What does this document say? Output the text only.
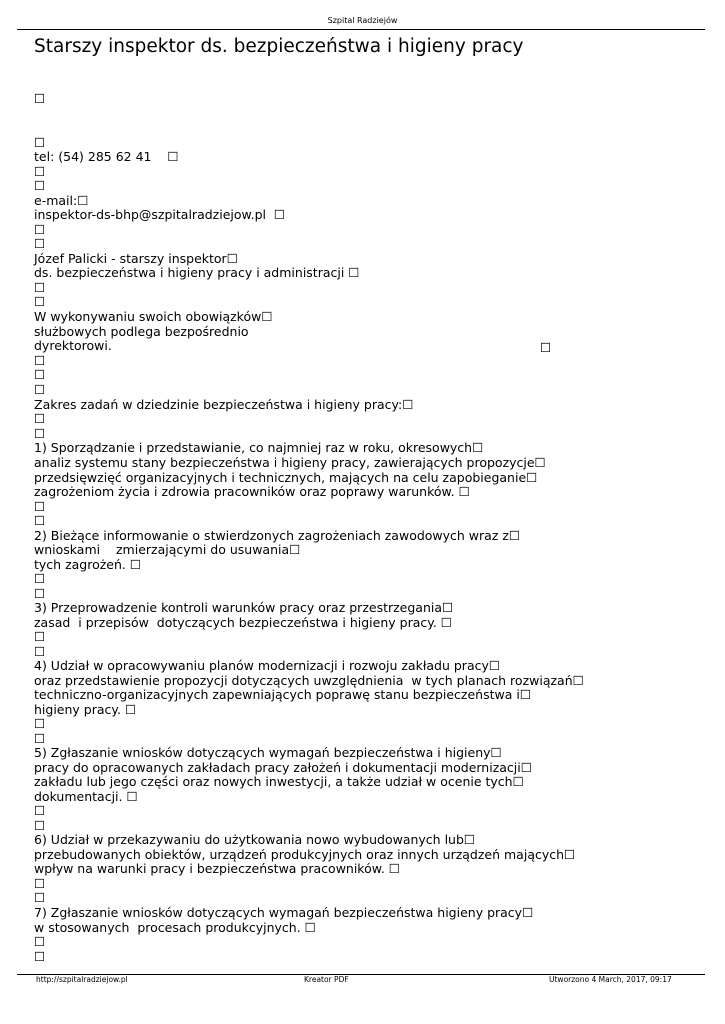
Szpital Radziejów
Starszy inspektor ds. bezpieczeństwa i higieny pracy
☐
☐
tel: (54) 285 62 41    ☐
☐
☐
e-mail:☐
inspektor-ds-bhp@szpitalradziejow.pl  ☐
☐
☐
Józef Palicki - starszy inspektor☐
ds. bezpieczeństwa i higieny pracy i administracji ☐
☐
☐
W wykonywaniu swoich obowiązków☐
służbowych podlega bezpośrednio
dyrektorowi.
☐
☐
☐
Zakres zadań w dziedzinie bezpieczeństwa i higieny pracy:☐
☐
☐
1) Sporządzanie i przedstawianie, co najmniej raz w roku, okresowych☐
analiz systemu stany bezpieczeństwa i higieny pracy, zawierających propozycje☐
przedsięwzięć organizacyjnych i technicznych, mających na celu zapobieganie☐
zagrożeniom życia i zdrowia pracowników oraz poprawy warunków. ☐
☐
☐
2) Bieżące informowanie o stwierdzonych zagrożeniach zawodowych wraz z☐
wnioskami    zmierzającymi do usuwania☐
tych zagrożeń. ☐
☐
☐
3) Przeprowadzenie kontroli warunków pracy oraz przestrzegania☐
zasad  i przepisów  dotyczących bezpieczeństwa i higieny pracy. ☐
☐
☐
4) Udział w opracowywaniu planów modernizacji i rozwoju zakładu pracy☐
oraz przedstawienie propozycji dotyczących uwzględnienia  w tych planach rozwiązań☐
techniczno-organizacyjnych zapewniających poprawę stanu bezpieczeństwa i☐
higieny pracy. ☐
☐
☐
5) Zgłaszanie wniosków dotyczących wymagań bezpieczeństwa i higieny☐
pracy do opracowanych zakładach pracy założeń i dokumentacji modernizacji☐
zakładu lub jego części oraz nowych inwestycji, a także udział w ocenie tych☐
dokumentacji. ☐
☐
☐
6) Udział w przekazywaniu do użytkowania nowo wybudowanych lub☐
przebudowanych obiektów, urządzeń produkcyjnych oraz innych urządzeń mających☐
wpływ na warunki pracy i bezpieczeństwa pracowników. ☐
☐
☐
7) Zgłaszanie wniosków dotyczących wymagań bezpieczeństwa higieny pracy☐
w stosowanych  procesach produkcyjnych. ☐
☐
☐
☐
http://szpitalradziejow.pl	Kreator PDF	Utworzono 4 March, 2017, 09:17
